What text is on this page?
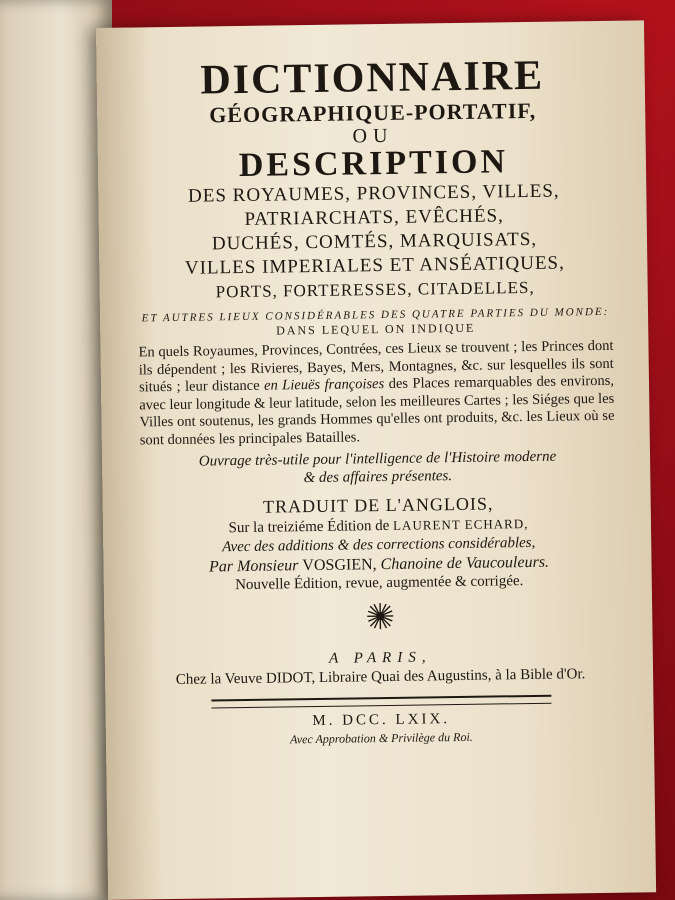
DICTIONNAIRE
GÉOGRAPHIQUE-PORTATIF,
OU
DESCRIPTION
DES ROYAUMES, PROVINCES, VILLES,
PATRIARCHATS, EVÊCHÉS,
DUCHÉS, COMTÉS, MARQUISATS,
VILLES IMPERIALES ET ANSÉATIQUES,
PORTS, FORTERESSES, CITADELLES,
ET AUTRES LIEUX CONSIDÉRABLES DES QUATRE PARTIES DU MONDE:
DANS LEQUEL ON INDIQUE

En quels Royaumes, Provinces, Contrées, ces Lieux se trouvent ; les Princes dont ils dépendent ; les Rivieres, Bayes, Mers, Montagnes, &c. sur lesquelles ils sont situés ; leur distance en Lieuës françoises des Places remarquables des environs, avec leur longitude & leur latitude, selon les meilleures Cartes ; les Siéges que les Villes ont soutenus, les grands Hommes qu'elles ont produits, &c. les Lieux où se sont données les principales Batailles.

Ouvrage très-utile pour l'intelligence de l'Histoire moderne
& des affaires présentes.
TRADUIT DE L'ANGLOIS,
Sur la treiziéme Édition de LAURENT ECHARD,
Avec des additions & des corrections considérables,
Par Monsieur VOSGIEN, Chanoine de Vaucouleurs.
Nouvelle Édition, revue, augmentée & corrigée.
A PARIS,
Chez la Veuve DIDOT, Libraire Quai des Augustins, à la Bible d'Or.
M. DCC. LXIX.
Avec Approbation & Privilège du Roi.
